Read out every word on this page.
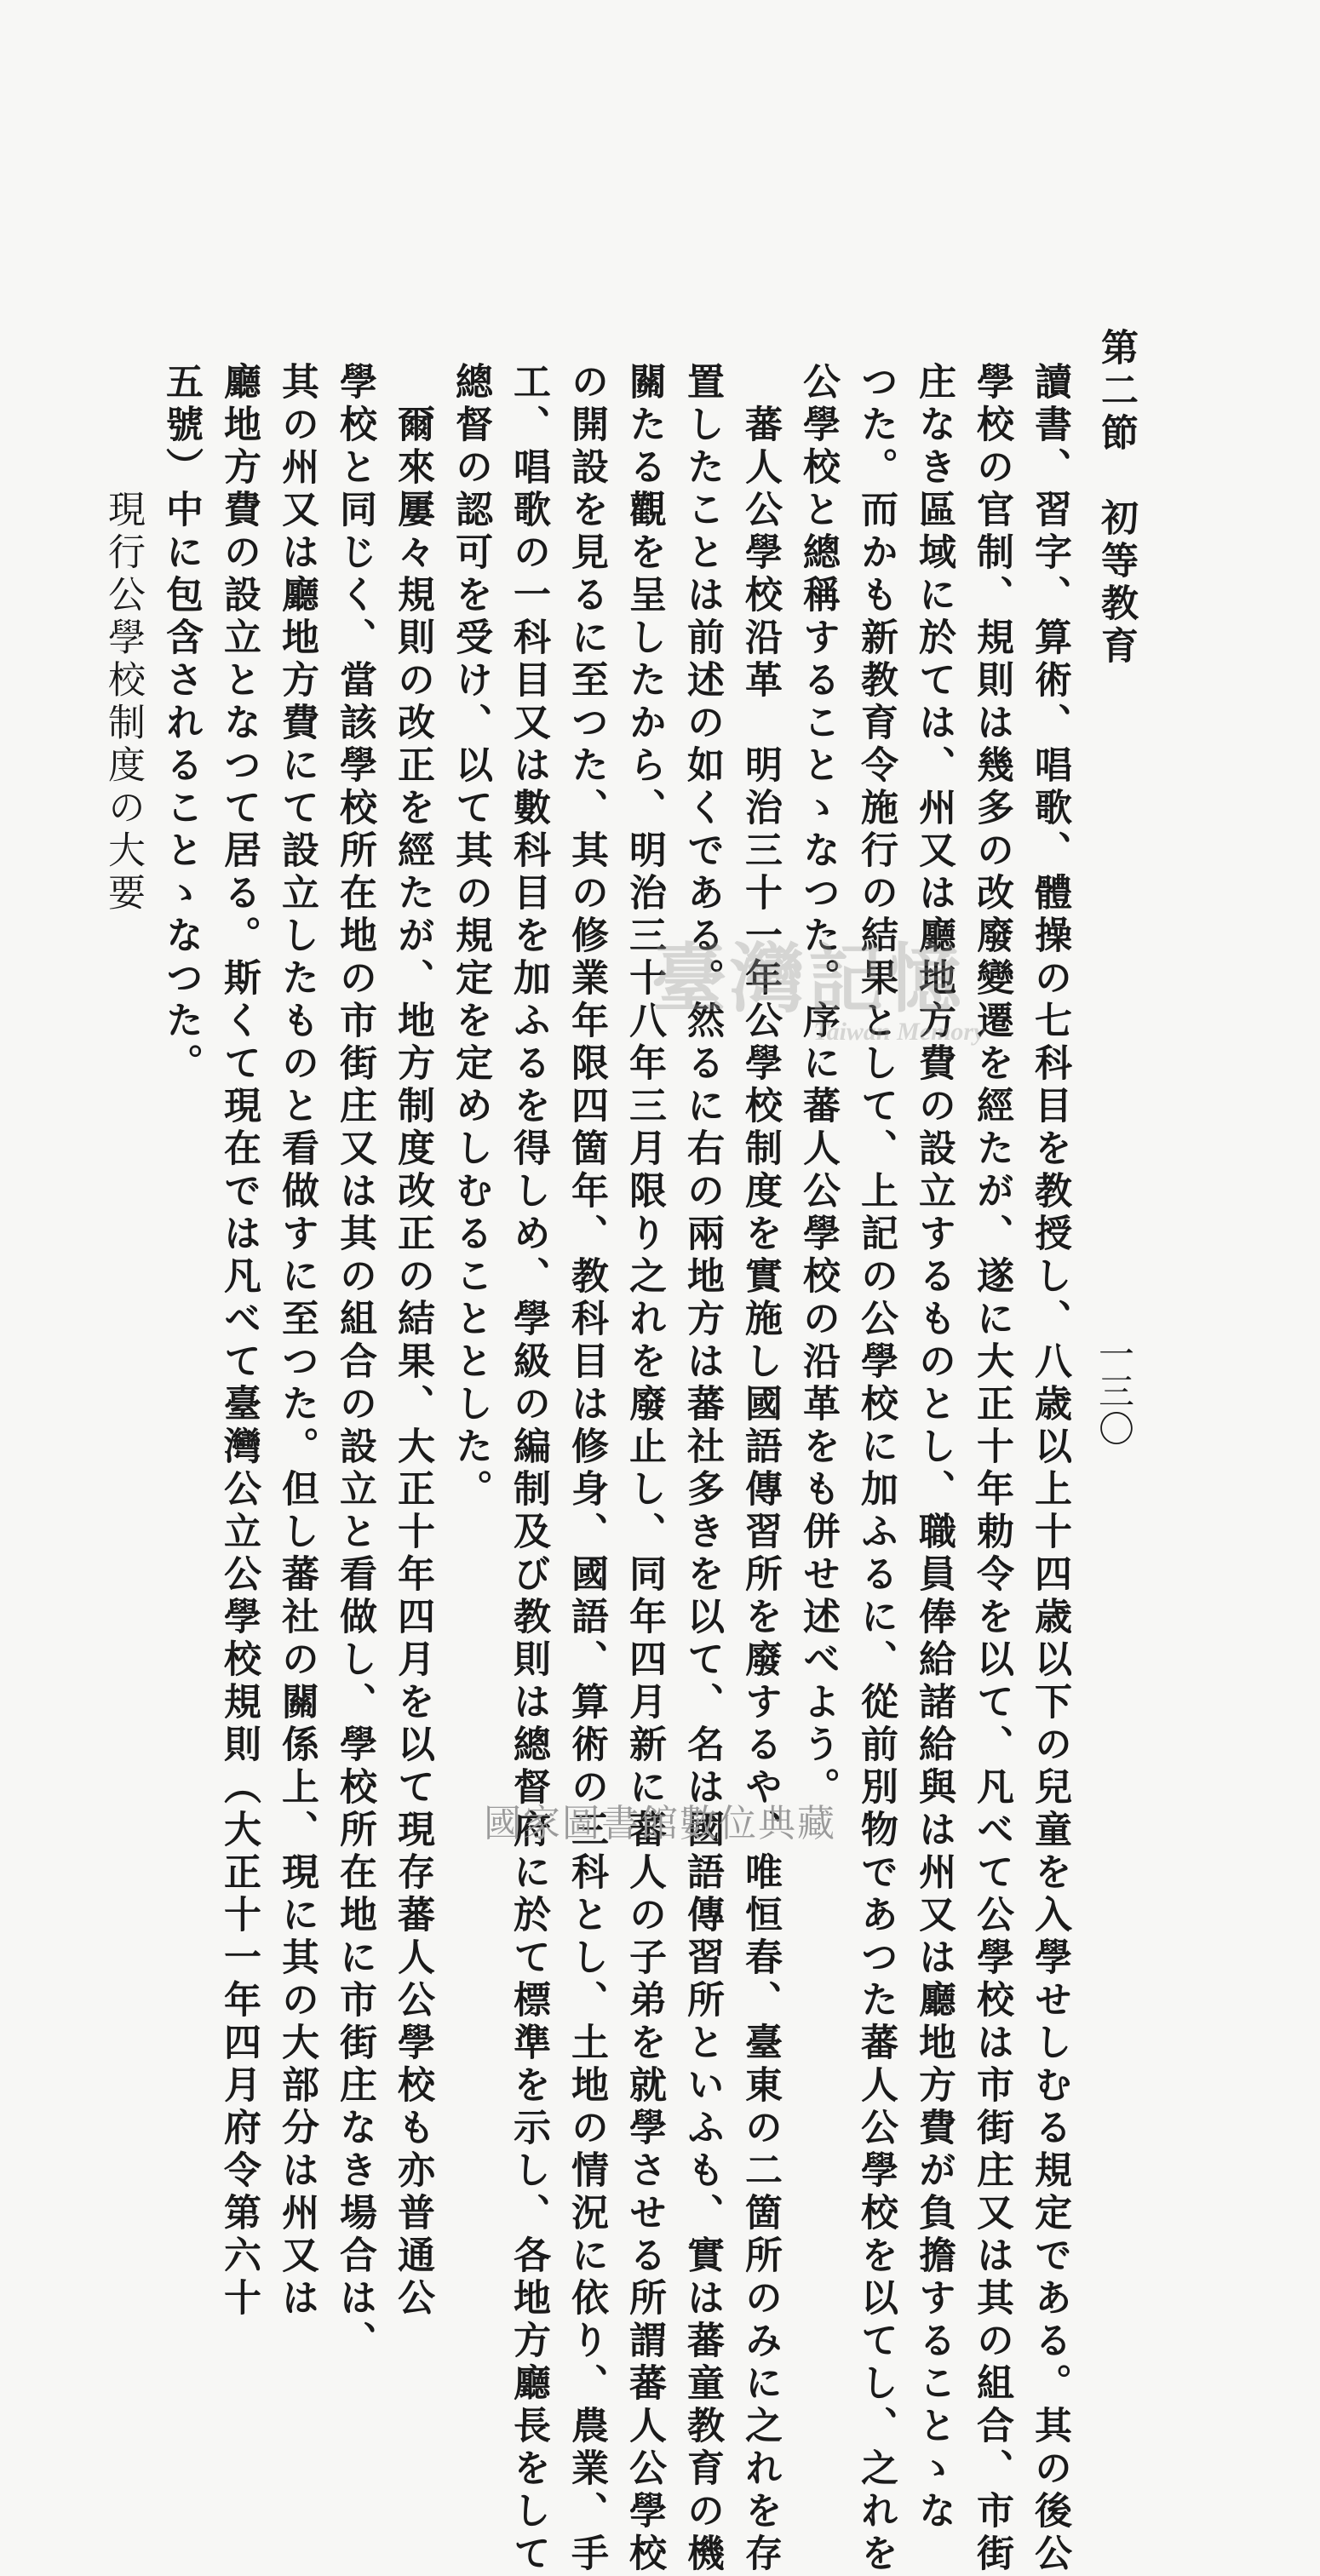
第二節　初等教育
一三〇
讀書、習字、算術、唱歌、體操の七科目を教授し、八歳以上十四歳以下の兒童を入學せしむる規定である。其の後公
學校の官制、規則は幾多の改廢變遷を經たが、遂に大正十年勅令を以て、凡べて公學校は市街庄又は其の組合、市街
庄なき區域に於ては、州又は廳地方費の設立するものとし、職員俸給諸給與は州又は廳地方費が負擔することゝな
つた。而かも新教育令施行の結果として、上記の公學校に加ふるに、從前別物であつた蕃人公學校を以てし、之れを
公學校と總稱することゝなつた。序に蕃人公學校の沿革をも併せ述べよう。
　蕃人公學校沿革　明治三十一年公學校制度を實施し國語傳習所を廢するや、唯恒春、臺東の二箇所のみに之れを存
置したことは前述の如くである。然るに右の兩地方は蕃社多きを以て、名は國語傳習所といふも、實は蕃童教育の機
關たる觀を呈したから、明治三十八年三月限り之れを廢止し、同年四月新に蕃人の子弟を就學させる所謂蕃人公學校
の開設を見るに至つた、其の修業年限四箇年、教科目は修身、國語、算術の三科とし、土地の情況に依り、農業、手
工、唱歌の一科目又は數科目を加ふるを得しめ、學級の編制及び教則は總督府に於て標準を示し、各地方廳長をして
總督の認可を受け、以て其の規定を定めしむることとした。
　爾來屢々規則の改正を經たが、地方制度改正の結果、大正十年四月を以て現存蕃人公學校も亦普通公
學校と同じく、當該學校所在地の市街庄又は其の組合の設立と看做し、學校所在地に市街庄なき場合は、
其の州又は廳地方費にて設立したものと看做すに至つた。但し蕃社の關係上、現に其の大部分は州又は
廳地方費の設立となつて居る。斯くて現在では凡べて臺灣公立公學校規則（大正十一年四月府令第六十
五號）中に包含されることゝなつた。
　　　現行公學校制度の大要
臺灣記憶
Taiwan Memory
國家圖書館數位典藏
